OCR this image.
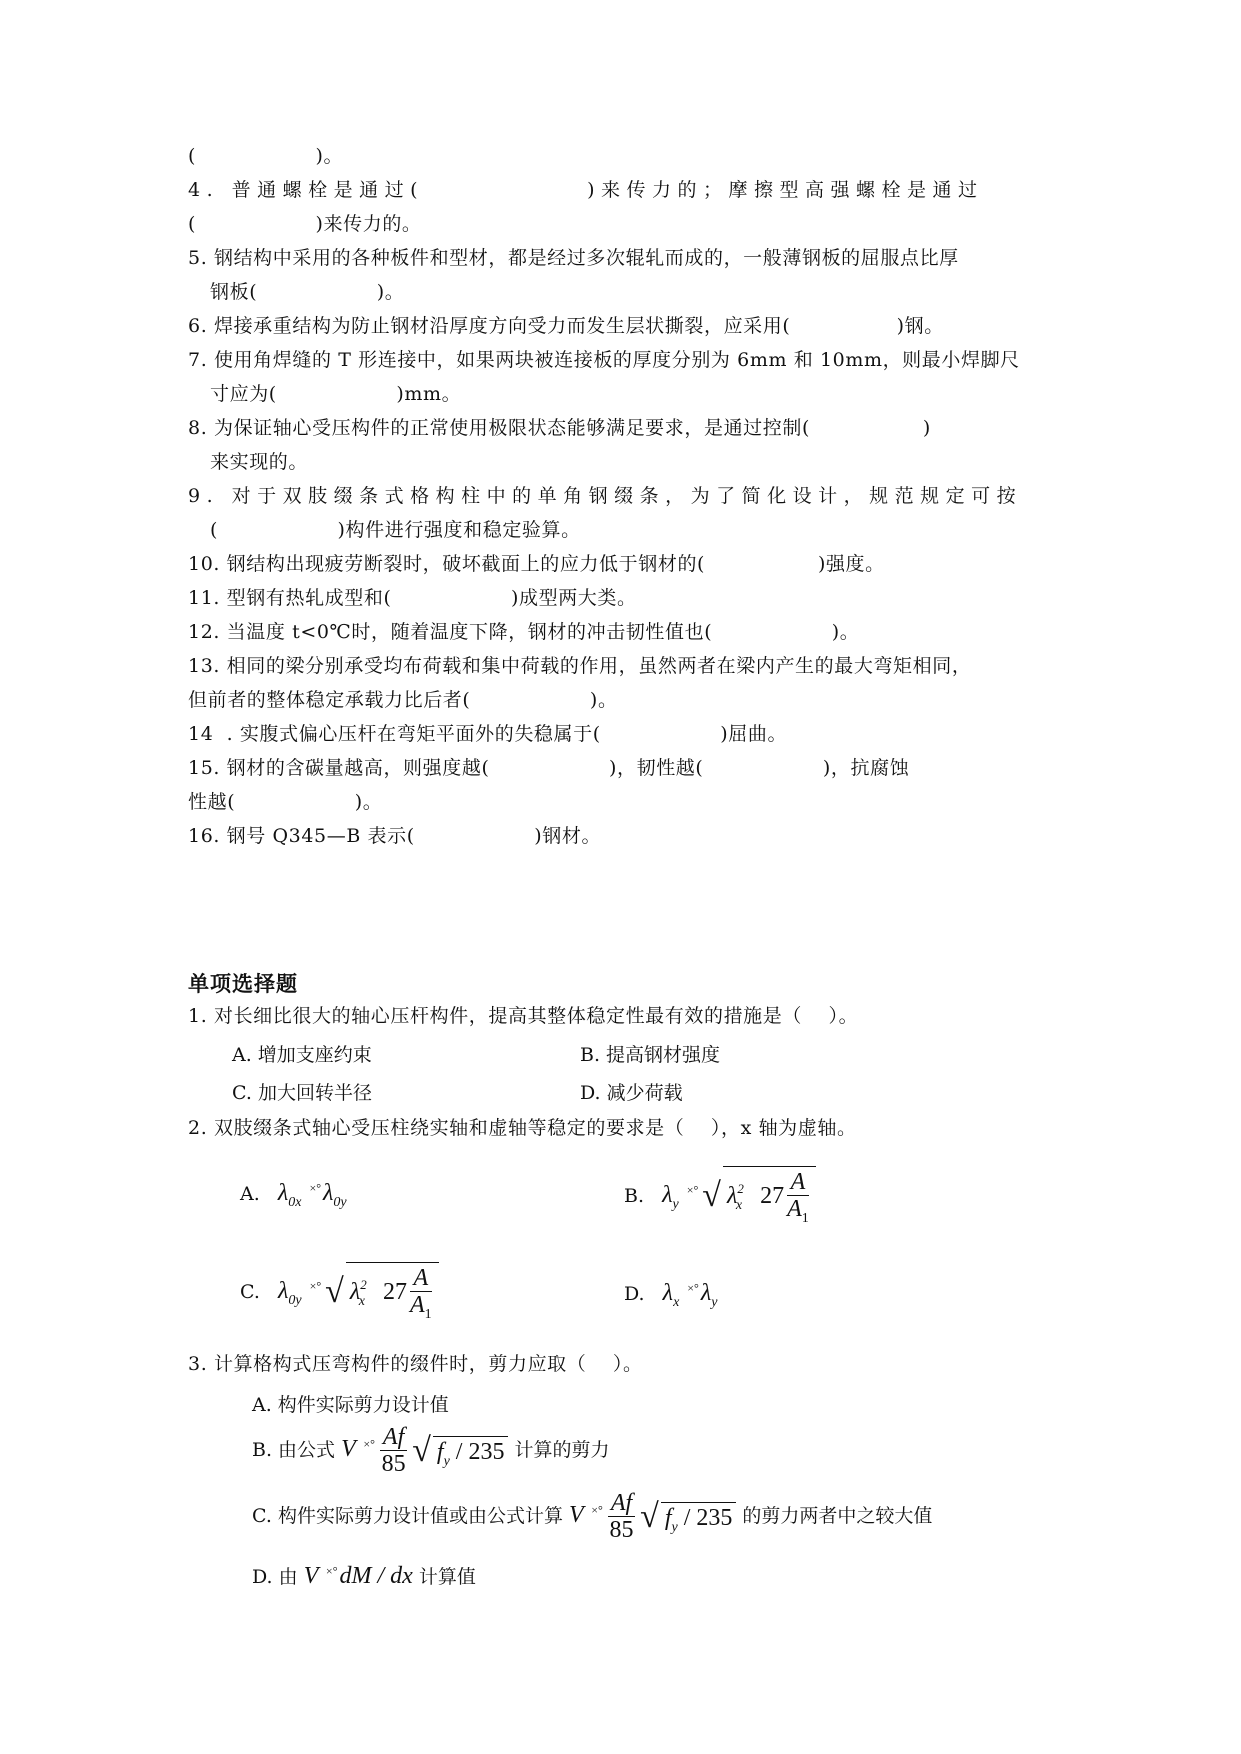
(                  )。
4. 普通螺栓是通过(             )来传力的；摩擦型高强螺栓是通过
(                  )来传力的。
5. 钢结构中采用的各种板件和型材，都是经过多次辊轧而成的，一般薄钢板的屈服点比厚
钢板(                  )。
6. 焊接承重结构为防止钢材沿厚度方向受力而发生层状撕裂，应采用(                )钢。
7. 使用角焊缝的 T 形连接中，如果两块被连接板的厚度分别为 6mm 和 10mm，则最小焊脚尺
寸应为(                  )mm。
8. 为保证轴心受压构件的正常使用极限状态能够满足要求，是通过控制(                 )
来实现的。
9. 对于双肢缀条式格构柱中的单角钢缀条，为了简化设计，规范规定可按
(                  )构件进行强度和稳定验算。
10. 钢结构出现疲劳断裂时，破坏截面上的应力低于钢材的(                 )强度。
11. 型钢有热轧成型和(                  )成型两大类。
12. 当温度 t<0℃时，随着温度下降，钢材的冲击韧性值也(                  )。
13. 相同的梁分别承受均布荷载和集中荷载的作用，虽然两者在梁内产生的最大弯矩相同，
但前者的整体稳定承载力比后者(                  )。
14  . 实腹式偏心压杆在弯矩平面外的失稳属于(                  )屈曲。
15. 钢材的含碳量越高，则强度越(                  )，韧性越(                  )，抗腐蚀
性越(                  )。
16. 钢号 Q345—B 表示(                  )钢材。
单项选择题
1. 对长细比很大的轴心压杆构件，提高其整体稳定性最有效的措施是（    ）。
A. 增加支座约束	B. 提高钢材强度
C. 加大回转半径	D. 减少荷载
2. 双肢缀条式轴心受压柱绕实轴和虚轴等稳定的要求是（    ），x 轴为虚轴。
A. $\lambda_{0x}$ $^{\times^\circ}\lambda_{0y}$	B. $\lambda_y$ ×° √ $\lambda^2_x$ $27 \frac{A}{A_1}$
C. $\lambda_{0y}$ ×° √ $\lambda^2_x$ $27 \frac{A}{A_1}$	D. $\lambda_x$ $^{\times^\circ}\lambda_y$
3. 计算格构式压弯构件的缀件时，剪力应取（    ）。
A. 构件实际剪力设计值
B. 由公式 V $^{\times^\circ} \frac{Af}{85}$ √ $f_y / 235$ 计算的剪力
C. 构件实际剪力设计值或由公式计算 V $^{\times^\circ} \frac{Af}{85}$ √ $f_y / 235$ 的剪力两者中之较大值
D. 由 V ×°dM / dx 计算值
